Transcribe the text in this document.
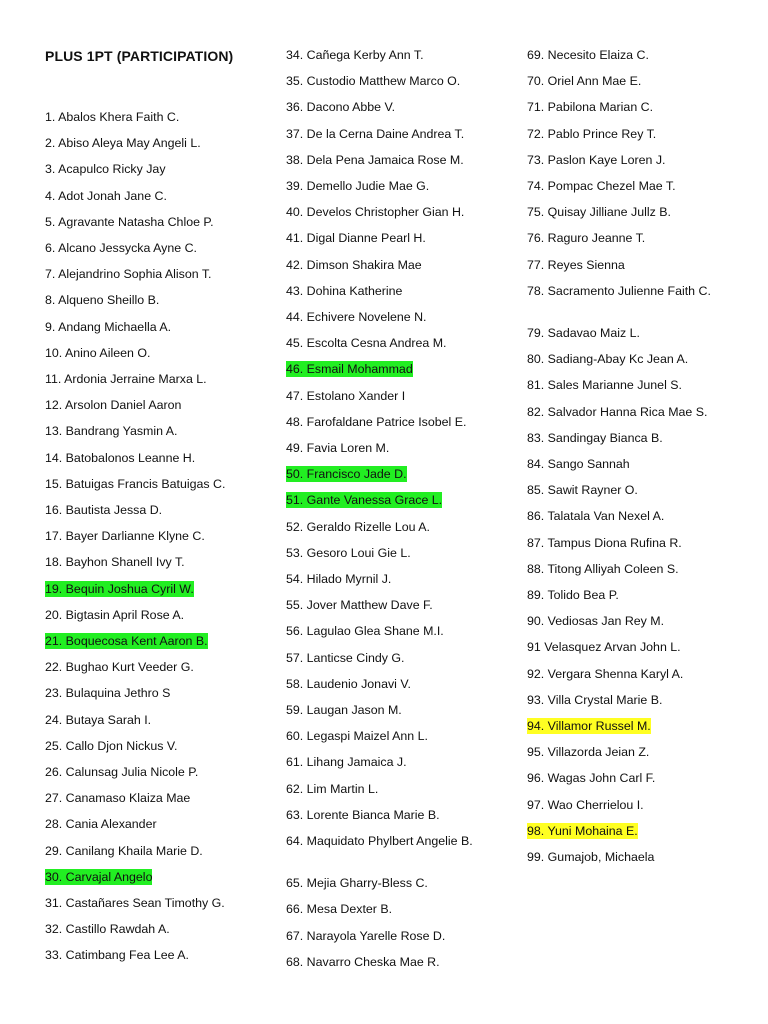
PLUS 1PT (PARTICIPATION)
1. Abalos Khera Faith C.
2. Abiso Aleya May Angeli L.
3. Acapulco Ricky Jay
4. Adot Jonah Jane C.
5. Agravante Natasha Chloe P.
6. Alcano Jessycka Ayne C.
7. Alejandrino Sophia Alison T.
8. Alqueno Sheillo B.
9. Andang Michaella A.
10. Anino Aileen O.
11. Ardonia Jerraine Marxa L.
12. Arsolon Daniel Aaron
13. Bandrang Yasmin A.
14. Batobalonos Leanne H.
15. Batuigas Francis Batuigas C.
16. Bautista Jessa D.
17. Bayer Darlianne Klyne C.
18. Bayhon Shanell Ivy T.
19. Bequin Joshua Cyril W.
20. Bigtasin April Rose A.
21. Boquecosa Kent Aaron B.
22. Bughao Kurt Veeder G.
23. Bulaquina Jethro S
24. Butaya Sarah I.
25. Callo Djon Nickus V.
26. Calunsag Julia Nicole P.
27. Canamaso Klaiza Mae
28. Cania Alexander
29. Canilang Khaila Marie D.
30. Carvajal Angelo
31. Castañares Sean Timothy G.
32. Castillo Rawdah A.
33. Catimbang Fea Lee A.
34. Cañega Kerby Ann T.
35. Custodio Matthew Marco O.
36. Dacono Abbe V.
37. De la Cerna Daine Andrea T.
38. Dela Pena Jamaica Rose M.
39. Demello Judie Mae G.
40. Develos Christopher Gian H.
41. Digal Dianne Pearl H.
42. Dimson Shakira Mae
43. Dohina Katherine
44. Echivere Novelene N.
45. Escolta Cesna Andrea M.
46. Esmail Mohammad
47. Estolano Xander I
48. Farofaldane Patrice Isobel E.
49. Favia Loren M.
50. Francisco Jade D.
51. Gante Vanessa Grace L.
52. Geraldo Rizelle Lou A.
53. Gesoro Loui Gie L.
54. Hilado Myrnil J.
55. Jover Matthew Dave F.
56. Lagulao Glea Shane M.I.
57. Lanticse Cindy G.
58. Laudenio Jonavi V.
59. Laugan Jason M.
60. Legaspi Maizel Ann L.
61. Lihang Jamaica J.
62. Lim Martin L.
63. Lorente Bianca Marie B.
64. Maquidato Phylbert Angelie B.
65. Mejia Gharry-Bless C.
66. Mesa Dexter B.
67. Narayola Yarelle Rose D.
68. Navarro Cheska Mae R.
69. Necesito Elaiza C.
70. Oriel Ann Mae E.
71. Pabilona Marian C.
72. Pablo Prince Rey T.
73. Paslon Kaye Loren J.
74. Pompac Chezel Mae T.
75. Quisay Jilliane Jullz B.
76. Raguro Jeanne T.
77. Reyes Sienna
78. Sacramento Julienne Faith C.
79. Sadavao Maiz L.
80. Sadiang-Abay Kc Jean A.
81. Sales Marianne Junel S.
82. Salvador Hanna Rica Mae S.
83. Sandingay Bianca B.
84. Sango Sannah
85. Sawit Rayner O.
86. Talatala Van Nexel A.
87. Tampus Diona Rufina R.
88. Titong Alliyah Coleen S.
89. Tolido Bea P.
90. Vediosas Jan Rey M.
91 Velasquez Arvan John L.
92. Vergara Shenna Karyl A.
93. Villa Crystal Marie B.
94. Villamor Russel M.
95. Villazorda Jeian Z.
96. Wagas John Carl F.
97. Wao Cherrielou I.
98. Yuni Mohaina E.
99. Gumajob, Michaela
